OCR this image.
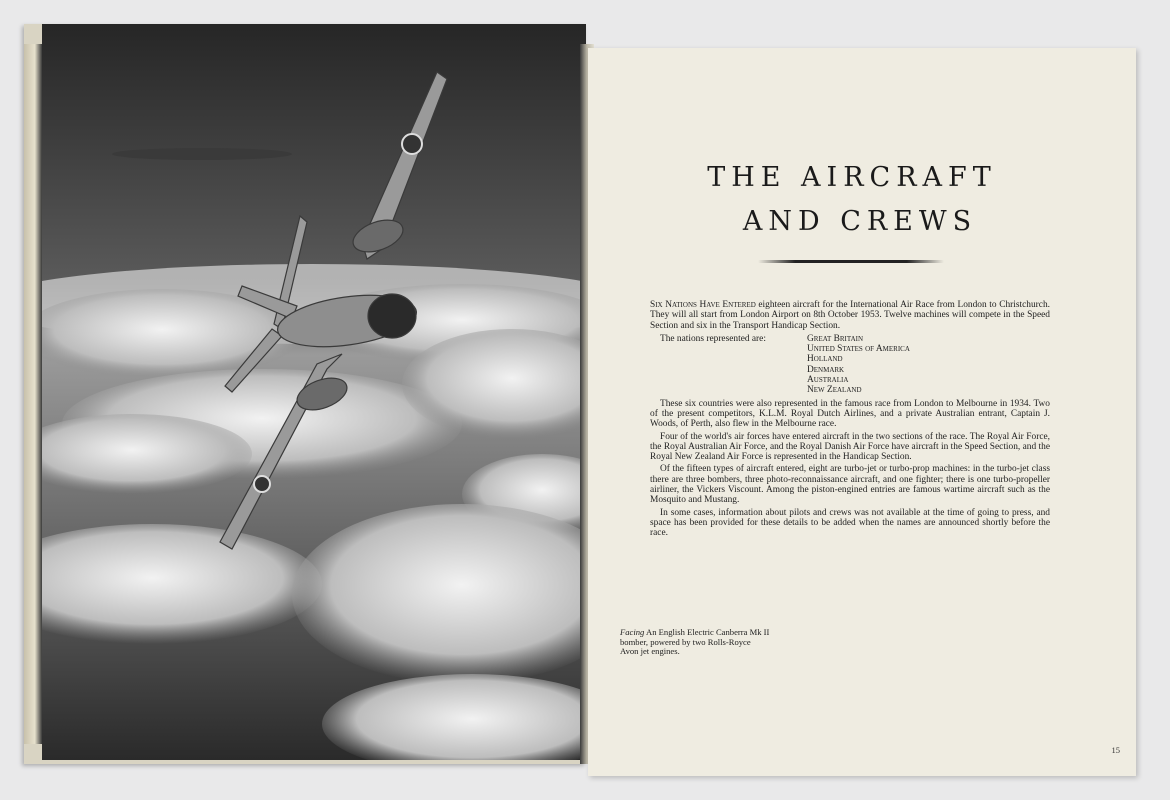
THE AIRCRAFT
AND CREWS

Six Nations Have Entered eighteen aircraft for the International Air Race from London to Christchurch. They will all start from London Airport on 8th October 1953. Twelve machines will compete in the Speed Section and six in the Transport Handicap Section.

The nations represented are:	Great Britain
United States of America
Holland
Denmark
Australia
New Zealand

These six countries were also represented in the famous race from London to Melbourne in 1934. Two of the present competitors, K.L.M. Royal Dutch Airlines, and a private Australian entrant, Captain J. Woods, of Perth, also flew in the Melbourne race.

Four of the world's air forces have entered aircraft in the two sections of the race. The Royal Air Force, the Royal Australian Air Force, and the Royal Danish Air Force have aircraft in the Speed Section, and the Royal New Zealand Air Force is represented in the Handicap Section.

Of the fifteen types of aircraft entered, eight are turbo-jet or turbo-prop machines: in the turbo-jet class there are three bombers, three photo-reconnaissance aircraft, and one fighter; there is one turbo-propeller airliner, the Vickers Viscount. Among the piston-engined entries are famous wartime aircraft such as the Mosquito and Mustang.

In some cases, information about pilots and crews was not available at the time of going to press, and space has been provided for these details to be added when the names are announced shortly before the race.

Facing An English Electric Canberra Mk II bomber, powered by two Rolls-Royce Avon jet engines.
15
